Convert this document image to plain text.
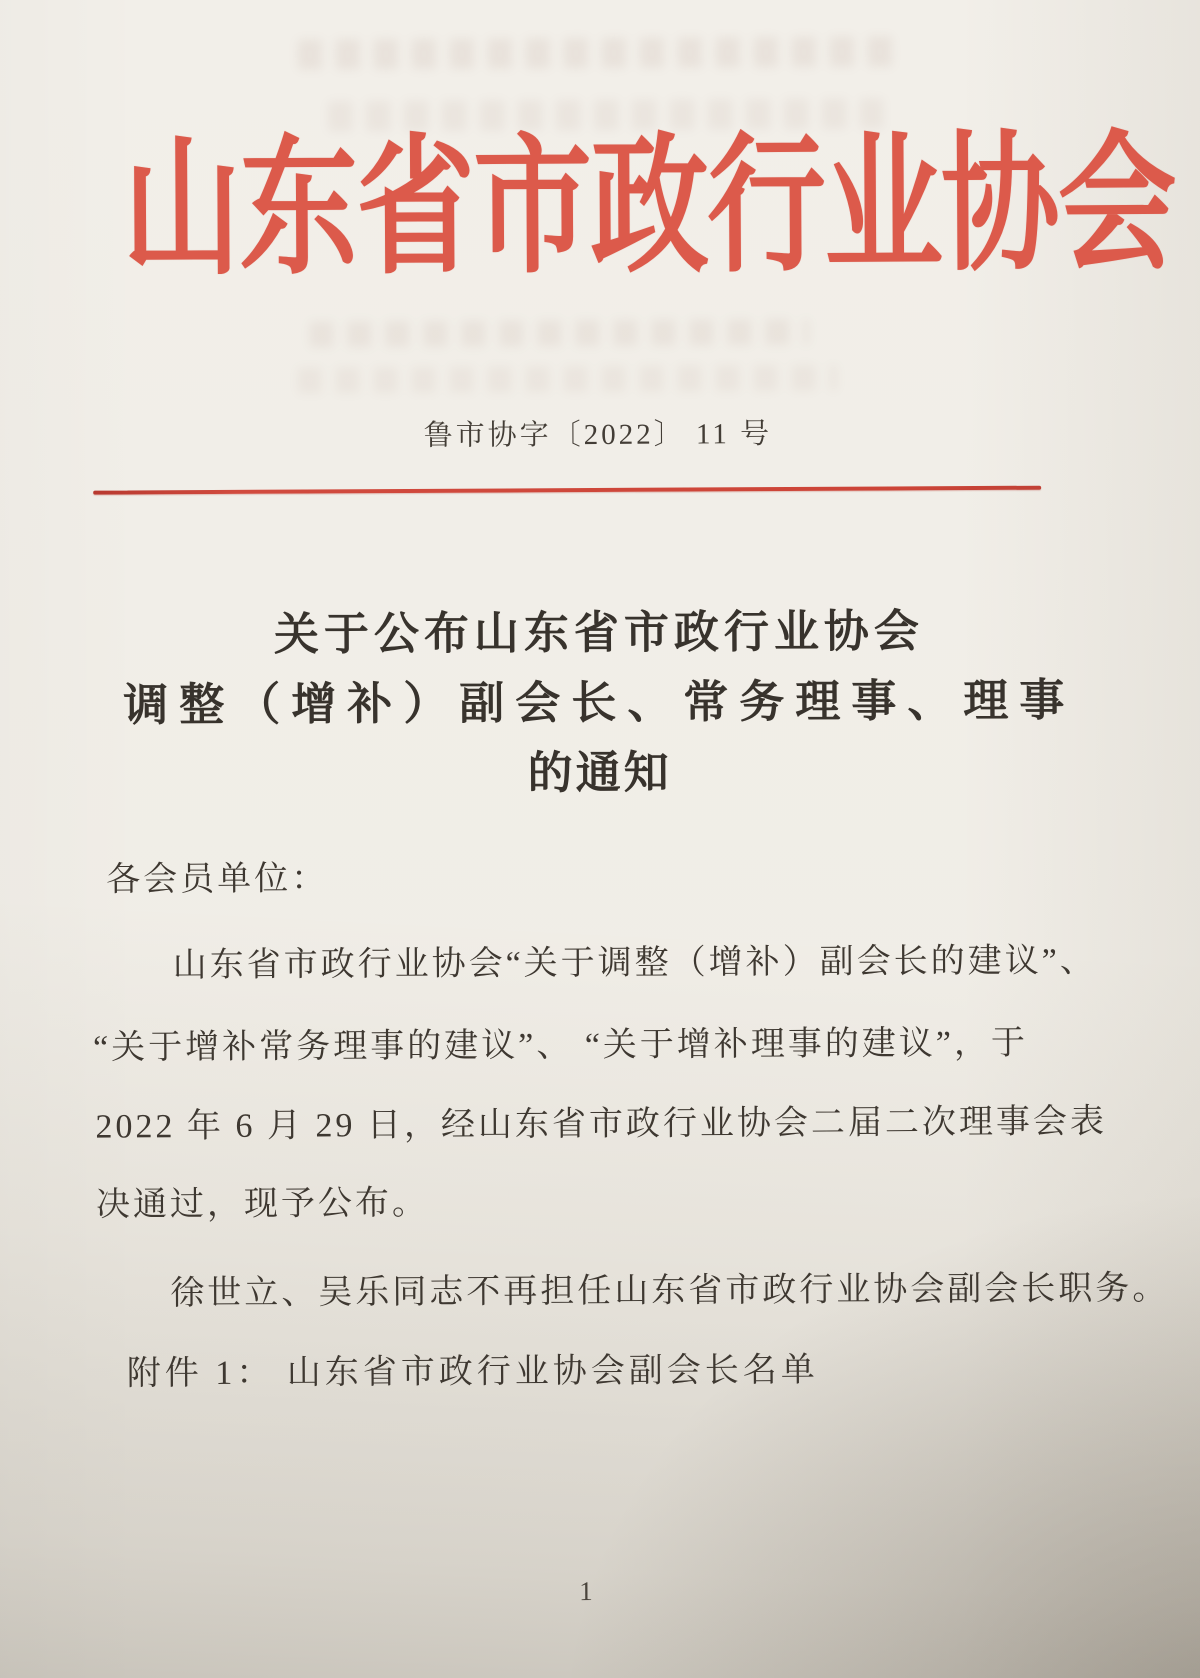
山东省市政行业协会
鲁市协字〔2022〕 11 号
关于公布山东省市政行业协会
调整（增补）副会长、常务理事、理事
的通知
各会员单位：
山东省市政行业协会“关于调整（增补）副会长的建议”、
“关于增补常务理事的建议”、 “关于增补理事的建议”，于
2022 年 6 月 29 日，经山东省市政行业协会二届二次理事会表
决通过，现予公布。
徐世立、吴乐同志不再担任山东省市政行业协会副会长职务。
附件 1： 山东省市政行业协会副会长名单
1
